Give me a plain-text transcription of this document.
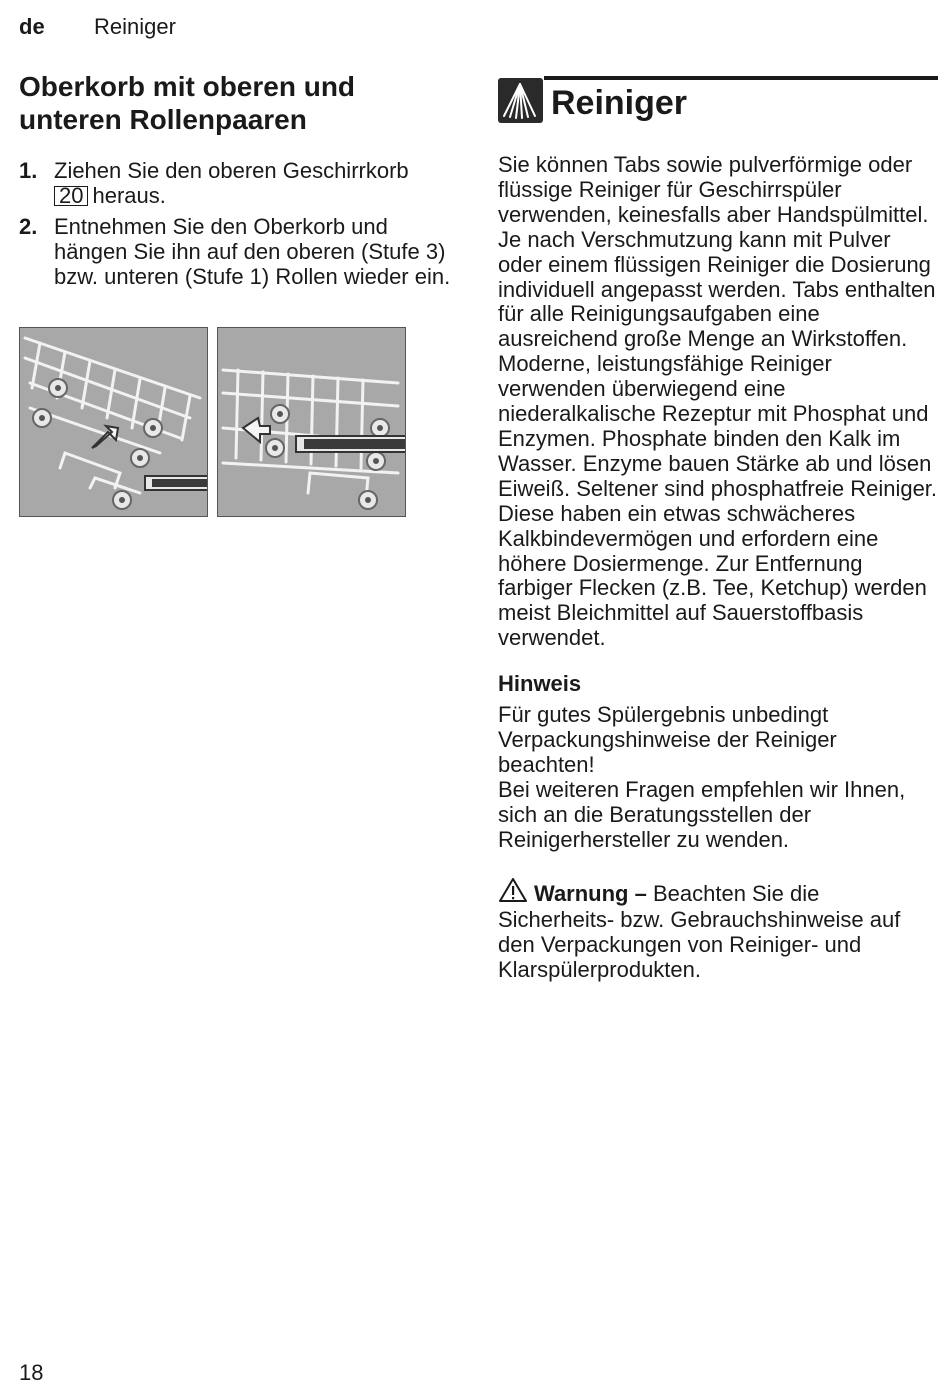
de Reiniger
Oberkorb mit oberen und unteren Rollenpaaren
1. Ziehen Sie den oberen Geschirrkorb
20 heraus.
2. Entnehmen Sie den Oberkorb und hängen Sie ihn auf den oberen (Stufe 3) bzw. unteren (Stufe 1) Rollen wieder ein.
Reiniger

Sie können Tabs sowie pulverförmige oder flüssige Reiniger für Geschirrspüler verwenden, keinesfalls aber Handspülmittel. Je nach Verschmutzung kann mit Pulver oder einem flüssigen Reiniger die Dosierung individuell angepasst werden. Tabs enthalten für alle Reinigungsaufgaben eine ausreichend große Menge an Wirkstoffen. Moderne, leistungsfähige Reiniger verwenden überwiegend eine niederalkalische Rezeptur mit Phosphat und Enzymen. Phosphate binden den Kalk im Wasser. Enzyme bauen Stärke ab und lösen Eiweiß. Seltener sind phosphatfreie Reiniger. Diese haben ein etwas schwächeres Kalkbindevermögen und erfordern eine höhere Dosiermenge. Zur Entfernung farbiger Flecken (z.B. Tee, Ketchup) werden meist Bleichmittel auf Sauerstoffbasis verwendet.

Hinweis

Für gutes Spülergebnis unbedingt Verpackungshinweise der Reiniger beachten!

Bei weiteren Fragen empfehlen wir Ihnen, sich an die Beratungsstellen der Reinigerhersteller zu wenden.

Warnung – Beachten Sie die Sicherheits- bzw. Gebrauchshinweise auf den Verpackungen von Reiniger- und Klarspülerprodukten.

18
